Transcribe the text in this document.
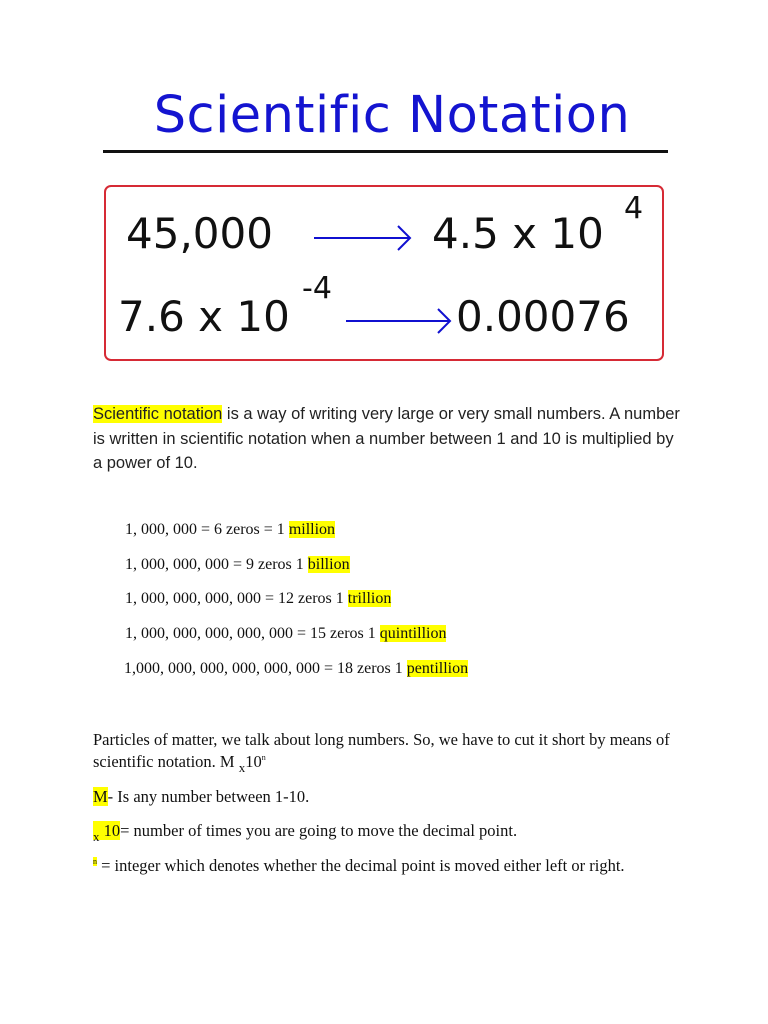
Scientific Notation
45,000	4.5 x 10
4
7.6 x 10
-4
0.00076
Scientific notation is a way of writing very large or very small numbers. A number is written in scientific notation when a number between 1 and 10 is multiplied by a power of 10.
1, 000, 000 = 6 zeros = 1 million
1, 000, 000, 000 = 9 zeros 1 billion
1, 000, 000, 000, 000 = 12 zeros 1 trillion
1, 000, 000, 000, 000, 000 = 15 zeros 1 quintillion
1,000, 000, 000, 000, 000, 000 = 18 zeros 1 pentillion
Particles of matter, we talk about long numbers. So, we have to cut it short by means of scientific notation. M $_x10^n$
M- Is any number between 1-10.
$_x$ 10= number of times you are going to move the decimal point.
$^n$ = integer which denotes whether the decimal point is moved either left or right.
